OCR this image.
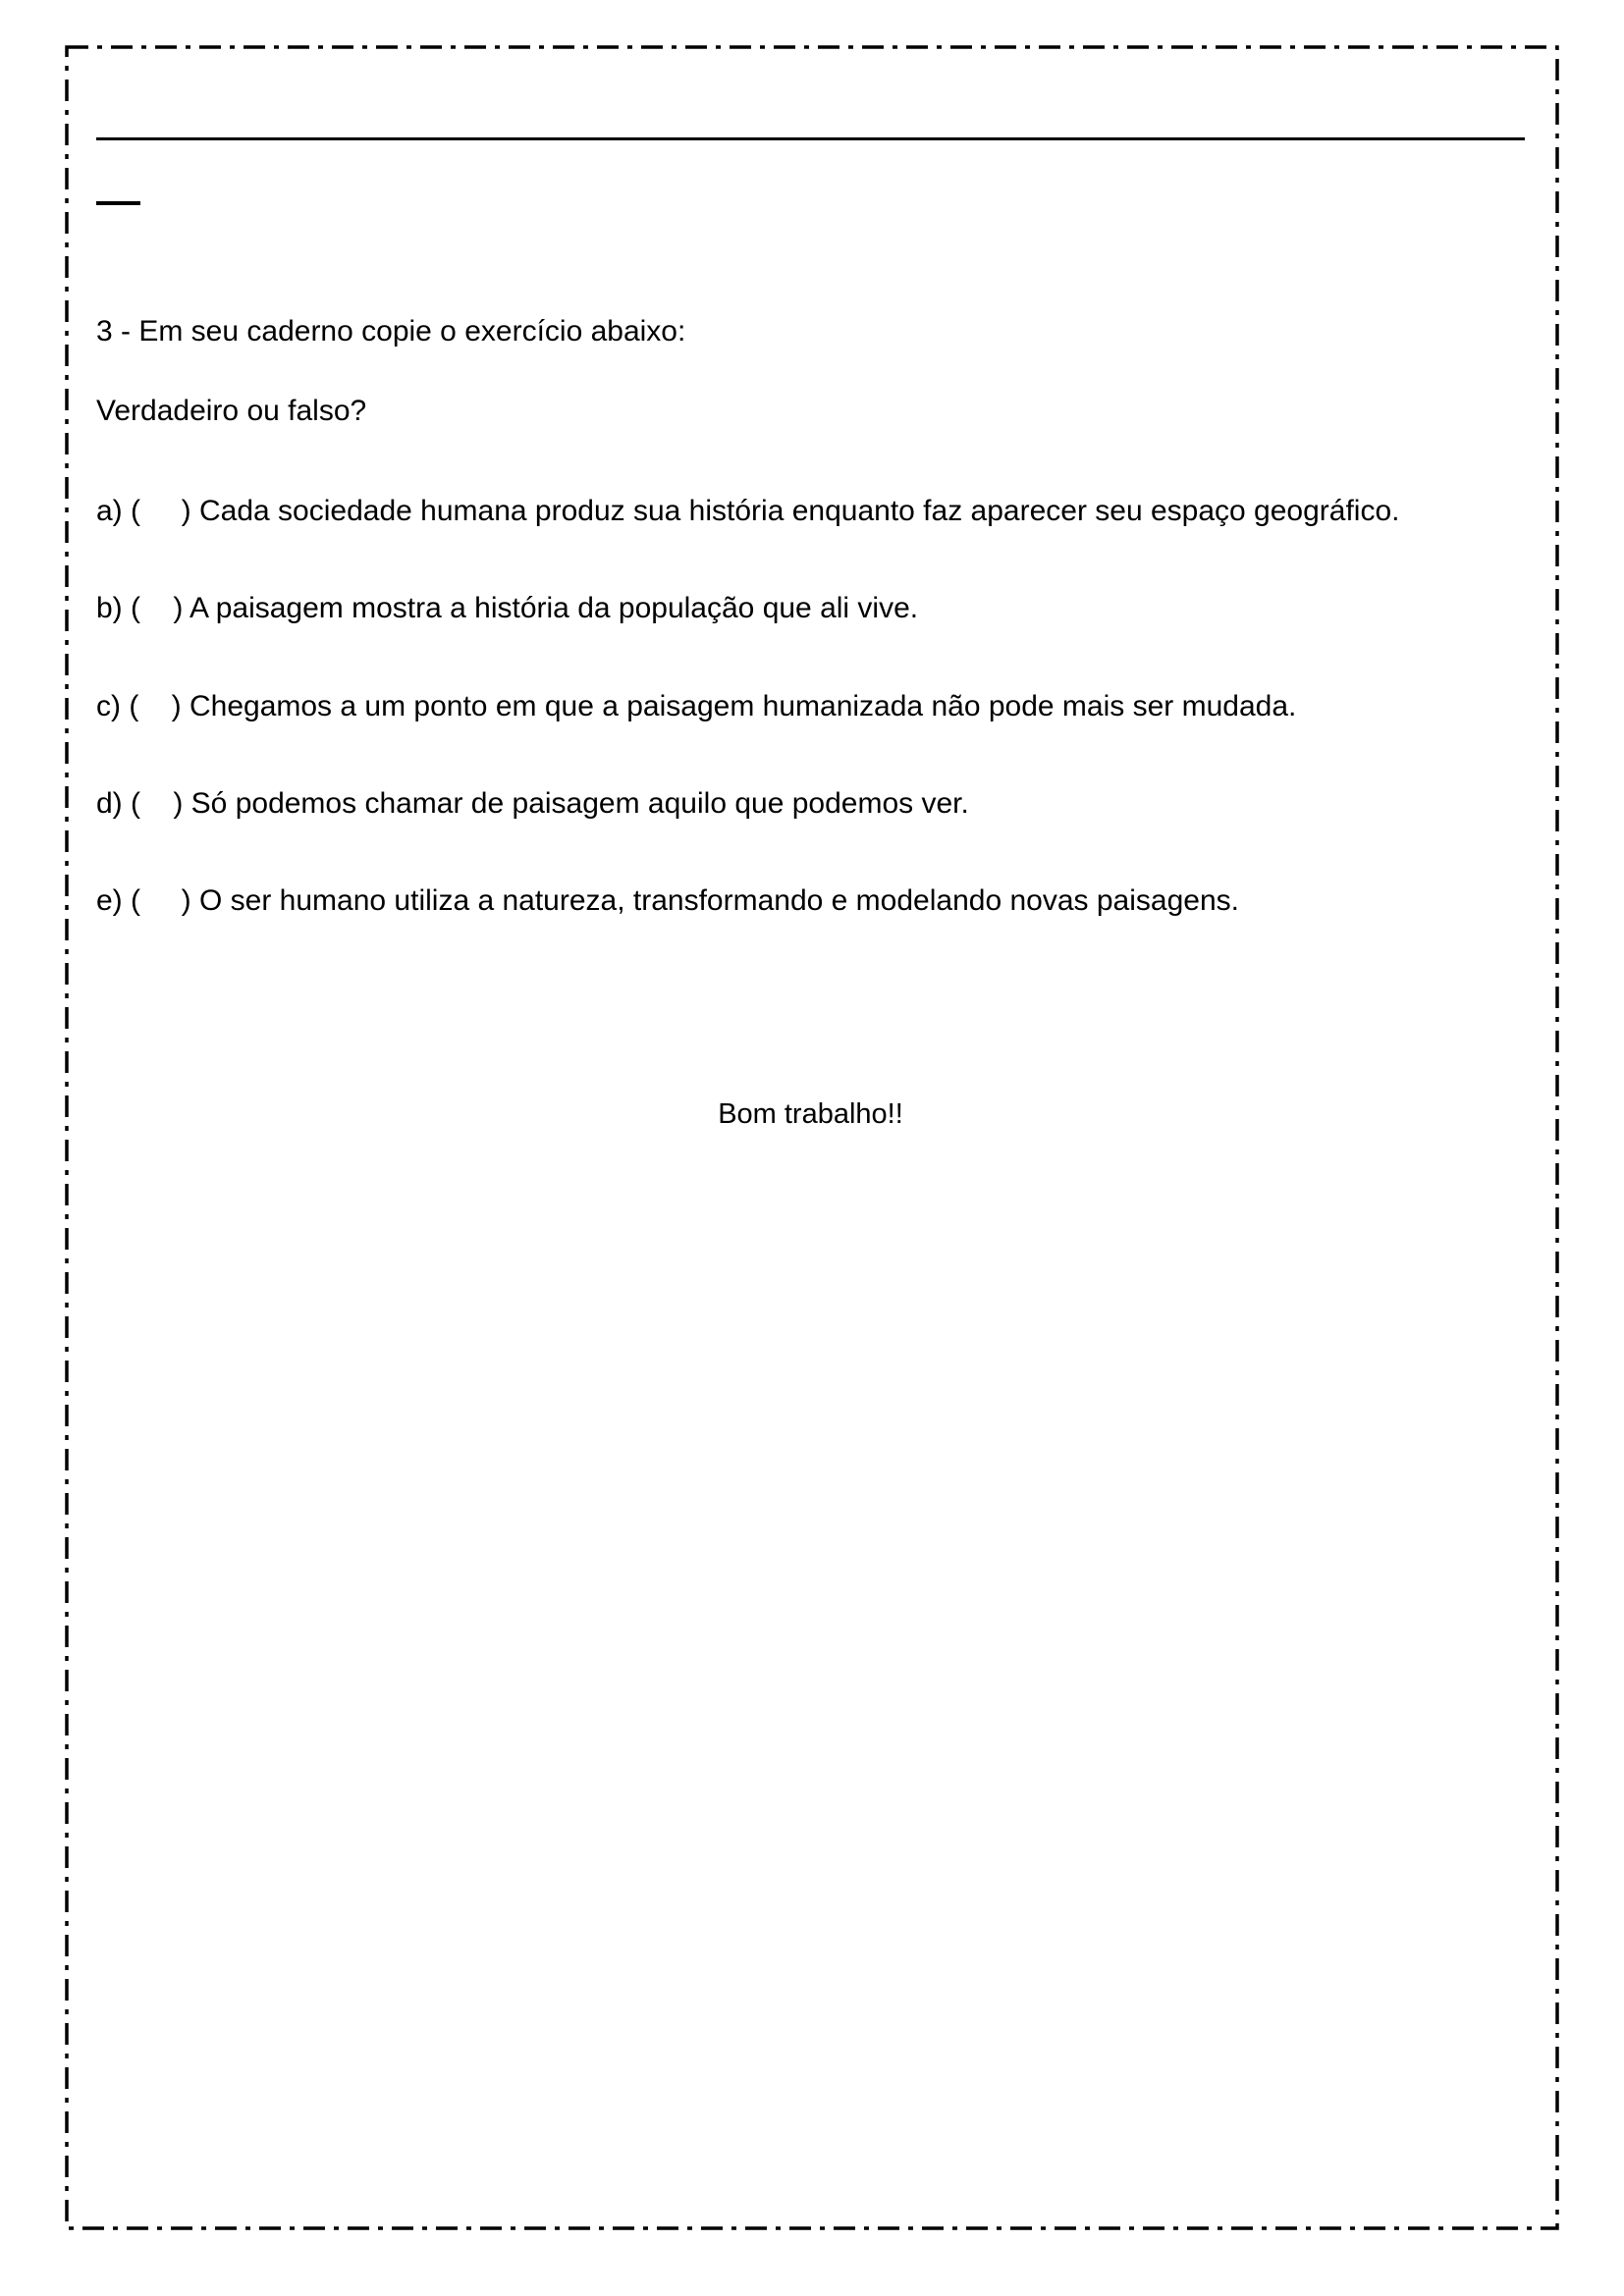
3 - Em seu caderno copie o exercício abaixo:

Verdadeiro ou falso?

a) (     ) Cada sociedade humana produz sua história enquanto faz aparecer seu espaço geográfico.

b) (    ) A paisagem mostra a história da população que ali vive.

c) (    ) Chegamos a um ponto em que a paisagem humanizada não pode mais ser mudada.

d) (    ) Só podemos chamar de paisagem aquilo que podemos ver.

e) (     ) O ser humano utiliza a natureza, transformando e modelando novas paisagens.

Bom trabalho!!
